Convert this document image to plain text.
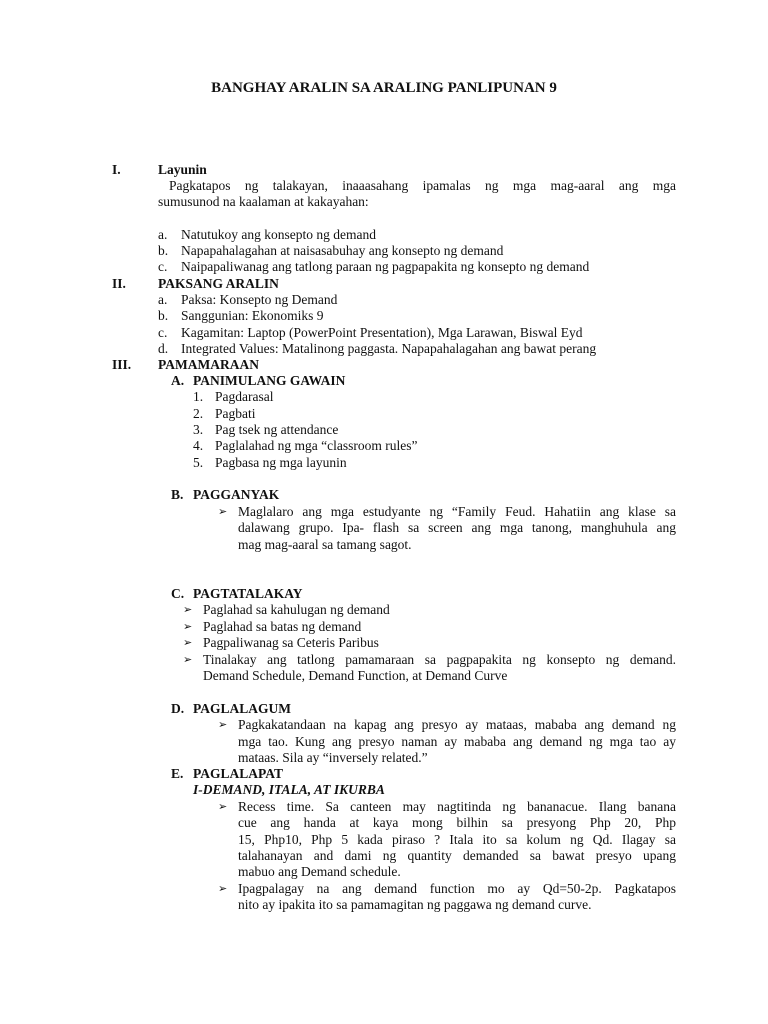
BANGHAY ARALIN SA ARALING PANLIPUNAN 9
I.	Layunin
Pagkatapos ng talakayan, inaaasahang ipamalas ng mga mag-aaral ang mga
sumusunod na kaalaman at kakayahan:
a. Natutukoy ang konsepto ng demand
b. Napapahalagahan at naisasabuhay ang konsepto ng demand
c. Naipapaliwanag ang tatlong paraan ng pagpapakita ng konsepto ng demand
II. PAKSANG ARALIN
a. Paksa: Konsepto ng Demand
b. Sanggunian: Ekonomiks 9
c. Kagamitan: Laptop (PowerPoint Presentation), Mga Larawan, Biswal Eyd
d. Integrated Values: Matalinong paggasta. Napapahalagahan ang bawat perang
III. PAMAMARAAN
A. PANIMULANG GAWAIN
1. Pagdarasal
2. Pagbati
3. Pag tsek ng attendance
4. Paglalahad ng mga “classroom rules”
5. Pagbasa ng mga layunin
B. PAGGANYAK
➢ Maglalaro ang mga estudyante ng “Family Feud. Hahatiin ang klase sa
dalawang grupo. Ipa- flash sa screen ang mga tanong, manghuhula ang
mag mag-aaral sa tamang sagot.
C. PAGTATALAKAY
➢ Paglahad sa kahulugan ng demand
➢ Paglahad sa batas ng demand
➢ Pagpaliwanag sa Ceteris Paribus
➢ Tinalakay ang tatlong pamamaraan sa pagpapakita ng konsepto ng demand.
Demand Schedule, Demand Function, at Demand Curve
D. PAGLALAGUM
➢ Pagkakatandaan na kapag ang presyo ay mataas, mababa ang demand ng
mga tao. Kung ang presyo naman ay mababa ang demand ng mga tao ay
mataas. Sila ay “inversely related.”
E. PAGLALAPAT
I-DEMAND, ITALA, AT IKURBA
➢ Recess time. Sa canteen may nagtitinda ng bananacue. Ilang banana
cue ang handa at kaya mong bilhin sa presyong Php 20, Php
15, Php10, Php 5 kada piraso ? Itala ito sa kolum ng Qd. Ilagay sa
talahanayan and dami ng quantity demanded sa bawat presyo upang
mabuo ang Demand schedule.
➢ Ipagpalagay na ang demand function mo ay Qd=50-2p. Pagkatapos
nito ay ipakita ito sa pamamagitan ng paggawa ng demand curve.
